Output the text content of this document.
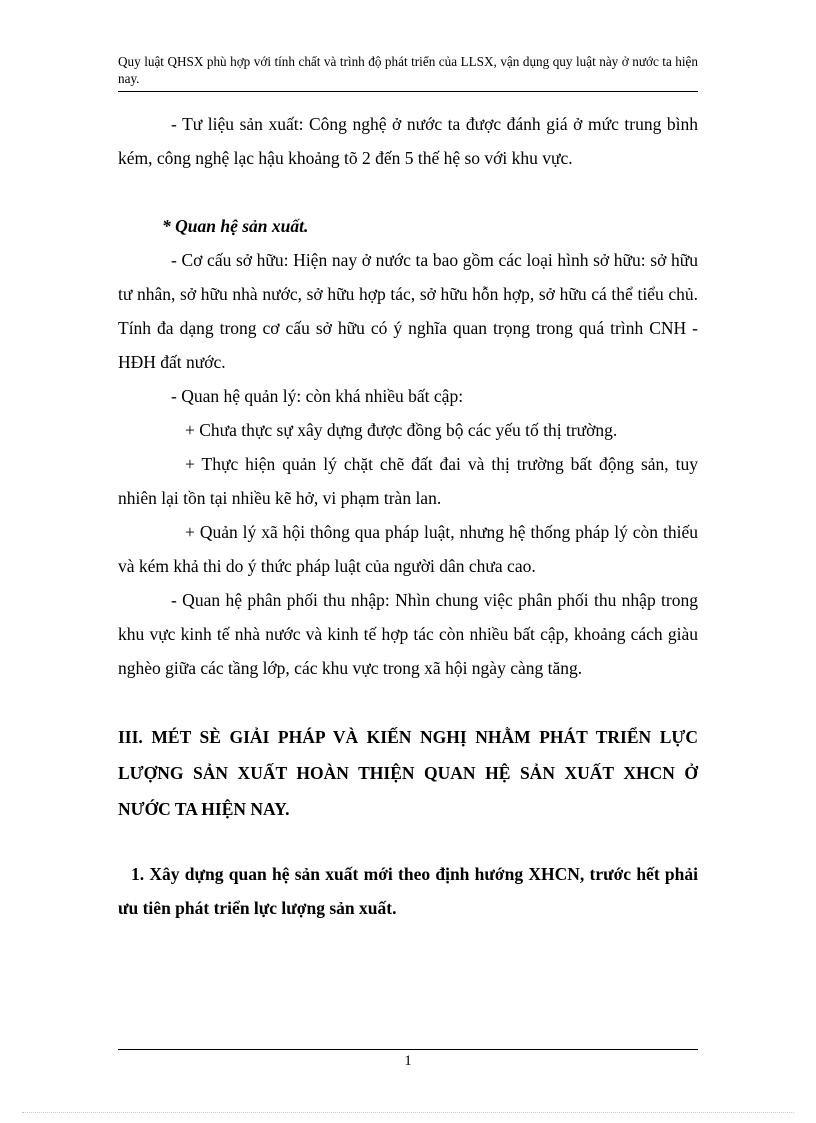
Quy luật QHSX phù hợp với tính chất và trình độ phát triển của LLSX, vận dụng quy luật này ở nước ta hiện nay.

- Tư liệu sản xuất: Công nghệ ở nước ta được đánh giá ở mức trung bình kém, công nghệ lạc hậu khoảng tõ 2 đến 5 thế hệ so với khu vực.

* Quan hệ sản xuất.

- Cơ cấu sở hữu: Hiện nay ở nước ta bao gồm các loại hình sở hữu: sở hữu tư nhân, sở hữu nhà nước, sở hữu hợp tác, sở hữu hỗn hợp, sở hữu cá thể tiểu chủ. Tính đa dạng trong cơ cấu sở hữu có ý nghĩa quan trọng trong quá trình CNH - HĐH đất nước.

- Quan hệ quản lý: còn khá nhiều bất cập:

+ Chưa thực sự xây dựng được đồng bộ các yếu tố thị trường.

+ Thực hiện quản lý chặt chẽ đất đai và thị trường bất động sản, tuy nhiên lại tồn tại nhiều kẽ hở, vi phạm tràn lan.

+ Quản lý xã hội thông qua pháp luật, nhưng hệ thống pháp lý còn thiếu và kém khả thi do ý thức pháp luật của người dân chưa cao.

- Quan hệ phân phối thu nhập: Nhìn chung việc phân phối thu nhập trong khu vực kinh tế nhà nước và kinh tế hợp tác còn nhiều bất cập, khoảng cách giàu nghèo giữa các tầng lớp, các khu vực trong xã hội ngày càng tăng.

III. MÉT SÈ GIẢI PHÁP VÀ KIẾN NGHỊ NHẰM PHÁT TRIỂN LỰC LƯỢNG SẢN XUẤT HOÀN THIỆN QUAN HỆ SẢN XUẤT XHCN Ở NƯỚC TA HIỆN NAY.

1. Xây dựng quan hệ sản xuất mới theo định hướng XHCN, trước hết phải ưu tiên phát triển lực lượng sản xuất.

1
